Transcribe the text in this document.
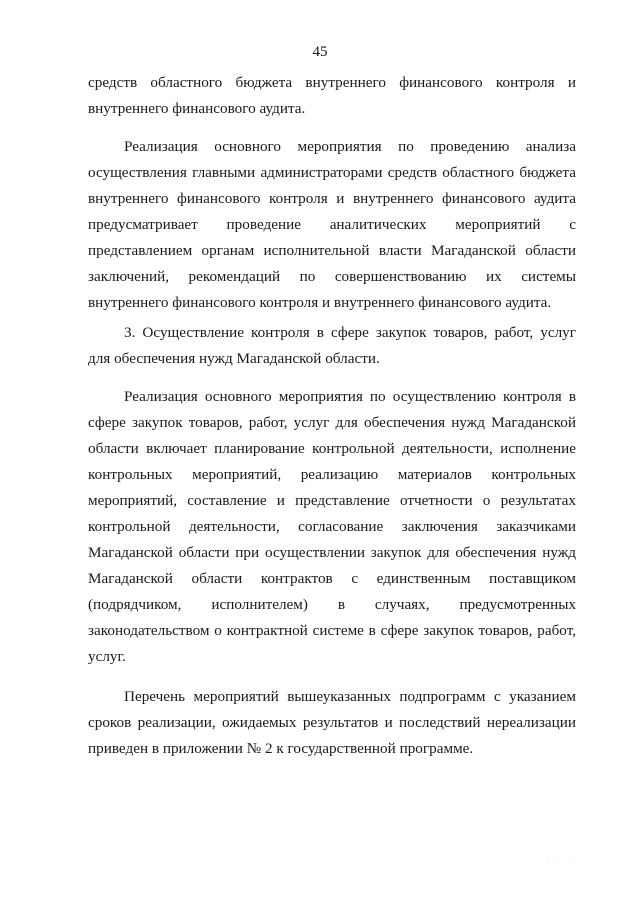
45

средств областного бюджета внутреннего финансового контроля и внутреннего финансового аудита.

Реализация основного мероприятия по проведению анализа осуществления главными администраторами средств областного бюджета внутреннего финансового контроля и внутреннего финансового аудита предусматривает проведение аналитических мероприятий с представлением органам исполнительной власти Магаданской области заключений, рекомендаций по совершенствованию их системы внутреннего финансового контроля и внутреннего финансового аудита.

3. Осуществление контроля в сфере закупок товаров, работ, услуг для обеспечения нужд Магаданской области.

Реализация основного мероприятия по осуществлению контроля в сфере закупок товаров, работ, услуг для обеспечения нужд Магаданской области включает планирование контрольной деятельности, исполнение контрольных мероприятий, реализацию материалов контрольных мероприятий, составление и представление отчетности о результатах контрольной деятельности, согласование заключения заказчиками Магаданской области при осуществлении закупок для обеспечения нужд Магаданской области контрактов с единственным поставщиком (подрядчиком, исполнителем) в случаях, предусмотренных законодательством о контрактной системе в сфере закупок товаров, работ, услуг.

Перечень мероприятий вышеуказанных подпрограмм с указанием сроков реализации, ожидаемых результатов и последствий нереализации приведен в приложении № 2 к государственной программе.

. . .
